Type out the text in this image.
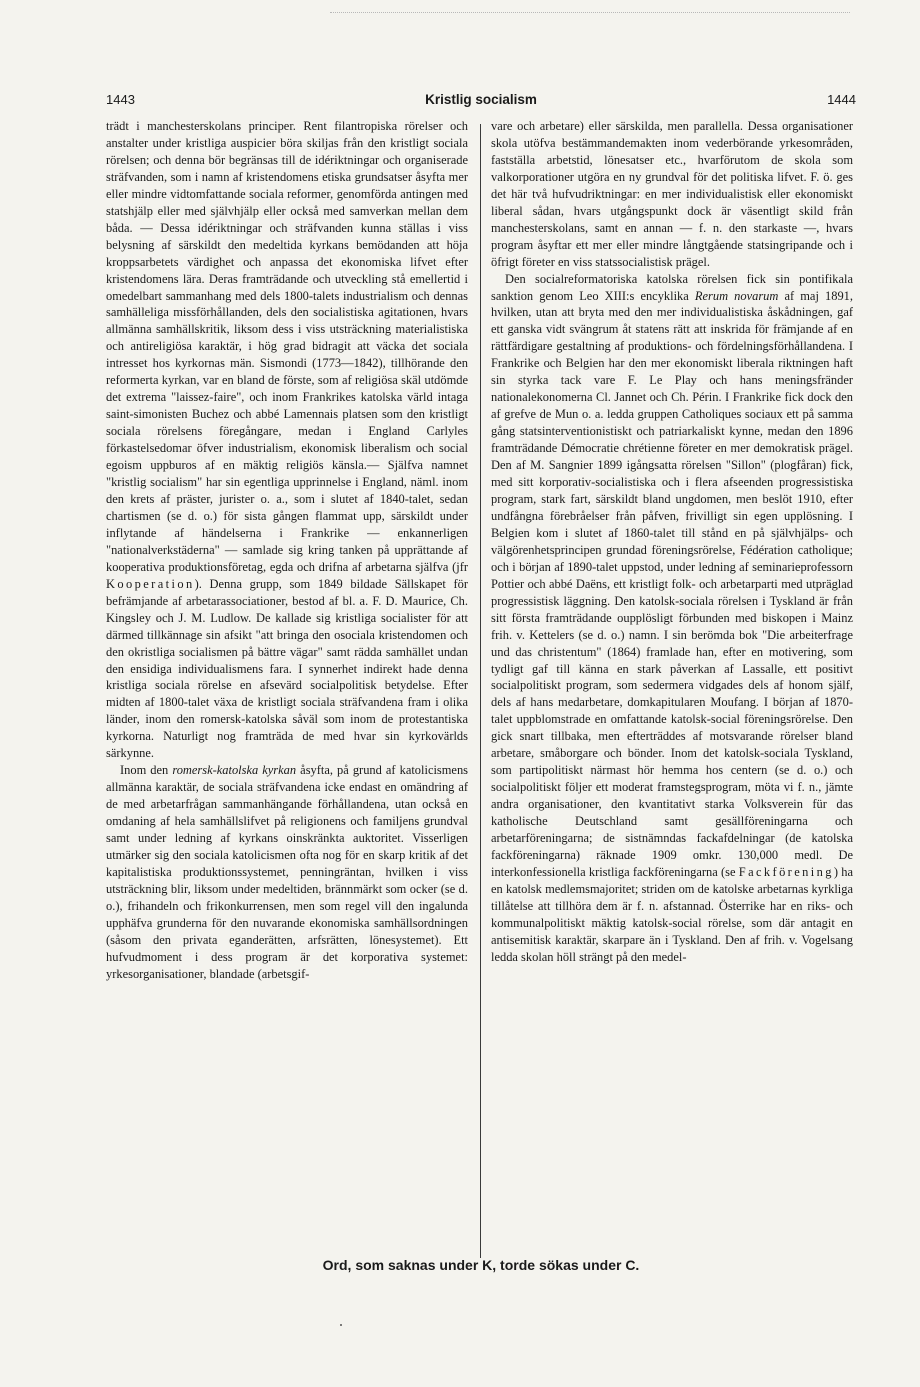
1443	Kristlig socialism	1444

trädt i manchesterskolans principer. Rent filantropiska rörelser och anstalter under kristliga auspicier böra skiljas från den kristligt sociala rörelsen; och denna bör begränsas till de idériktningar och organiserade sträfvanden, som i namn af kristendomens etiska grundsatser åsyfta mer eller mindre vidtomfattande sociala reformer, genomförda antingen med statshjälp eller med självhjälp eller också med samverkan mellan dem båda. — Dessa idériktningar och sträfvanden kunna ställas i viss belysning af särskildt den medeltida kyrkans bemödanden att höja kroppsarbetets värdighet och anpassa det ekonomiska lifvet efter kristendomens lära. Deras framträdande och utveckling stå emellertid i omedelbart sammanhang med dels 1800-talets industrialism och dennas samhälleliga missförhållanden, dels den socialistiska agitationen, hvars allmänna samhällskritik, liksom dess i viss utsträckning materialistiska och antireligiösa karaktär, i hög grad bidragit att väcka det sociala intresset hos kyrkornas män. Sismondi (1773—1842), tillhörande den reformerta kyrkan, var en bland de förste, som af religiösa skäl utdömde det extrema "laissez-faire", och inom Frankrikes katolska värld intaga saint-simonisten Buchez och abbé Lamennais platsen som den kristligt sociala rörelsens föregångare, medan i England Carlyles förkastelsedomar öfver industrialism, ekonomisk liberalism och social egoism uppburos af en mäktig religiös känsla.— Själfva namnet "kristlig socialism" har sin egentliga upprinnelse i England, näml. inom den krets af präster, jurister o. a., som i slutet af 1840-talet, sedan chartismen (se d. o.) för sista gången flammat upp, särskildt under inflytande af händelserna i Frankrike — enkannerligen "nationalverkstäderna" — samlade sig kring tanken på upprättande af kooperativa produktionsföretag, egda och drifna af arbetarna själfva (jfr Kooperation). Denna grupp, som 1849 bildade Sällskapet för befrämjande af arbetarassociationer, bestod af bl. a. F. D. Maurice, Ch. Kingsley och J. M. Ludlow. De kallade sig kristliga socialister för att därmed tillkännage sin afsikt "att bringa den osociala kristendomen och den okristliga socialismen på bättre vägar" samt rädda samhället undan den ensidiga individualismens fara. I synnerhet indirekt hade denna kristliga sociala rörelse en afsevärd socialpolitisk betydelse. Efter midten af 1800-talet växa de kristligt sociala sträfvandena fram i olika länder, inom den romersk-katolska såväl som inom de protestantiska kyrkorna. Naturligt nog framträda de med hvar sin kyrkovärlds särkynne.

Inom den romersk-katolska kyrkan åsyfta, på grund af katolicismens allmänna karaktär, de sociala sträfvandena icke endast en omändring af de med arbetarfrågan sammanhängande förhållandena, utan också en omdaning af hela samhällslifvet på religionens och familjens grundval samt under ledning af kyrkans oinskränkta auktoritet. Visserligen utmärker sig den sociala katolicismen ofta nog för en skarp kritik af det kapitalistiska produktionssystemet, penningräntan, hvilken i viss utsträckning blir, liksom under medeltiden, brännmärkt som ocker (se d. o.), frihandeln och frikonkurrensen, men som regel vill den ingalunda upphäfva grunderna för den nuvarande ekonomiska samhällsordningen (såsom den privata eganderätten, arfsrätten, lönesystemet). Ett hufvudmoment i dess program är det korporativa systemet: yrkesorganisationer, blandade (arbetsgif-

vare och arbetare) eller särskilda, men parallella. Dessa organisationer skola utöfva bestämmandemakten inom vederbörande yrkesområden, fastställa arbetstid, lönesatser etc., hvarförutom de skola som valkorporationer utgöra en ny grundval för det politiska lifvet. F. ö. ges det här två hufvudriktningar: en mer individualistisk eller ekonomiskt liberal sådan, hvars utgångspunkt dock är väsentligt skild från manchesterskolans, samt en annan — f. n. den starkaste —, hvars program åsyftar ett mer eller mindre långtgående statsingripande och i öfrigt företer en viss statssocialistisk prägel.

Den socialreformatoriska katolska rörelsen fick sin pontifikala sanktion genom Leo XIII:s encyklika Rerum novarum af maj 1891, hvilken, utan att bryta med den mer individualistiska åskådningen, gaf ett ganska vidt svängrum åt statens rätt att inskrida för främjande af en rättfärdigare gestaltning af produktions- och fördelningsförhållandena. I Frankrike och Belgien har den mer ekonomiskt liberala riktningen haft sin styrka tack vare F. Le Play och hans meningsfränder nationalekonomerna Cl. Jannet och Ch. Périn. I Frankrike fick dock den af grefve de Mun o. a. ledda gruppen Catholiques sociaux ett på samma gång statsinterventionistiskt och patriarkaliskt kynne, medan den 1896 framträdande Démocratie chrétienne företer en mer demokratisk prägel. Den af M. Sangnier 1899 igångsatta rörelsen "Sillon" (plogfåran) fick, med sitt korporativ-socialistiska och i flera afseenden progressistiska program, stark fart, särskildt bland ungdomen, men beslöt 1910, efter undfångna förebråelser från påfven, frivilligt sin egen upplösning. I Belgien kom i slutet af 1860-talet till stånd en på självhjälps- och välgörenhetsprincipen grundad föreningsrörelse, Fédération catholique; och i början af 1890-talet uppstod, under ledning af seminarieprofessorn Pottier och abbé Daëns, ett kristligt folk- och arbetarparti med utpräglad progressistisk läggning. Den katolsk-sociala rörelsen i Tyskland är från sitt första framträdande oupplösligt förbunden med biskopen i Mainz frih. v. Kettelers (se d. o.) namn. I sin berömda bok "Die arbeiterfrage und das christentum" (1864) framlade han, efter en motivering, som tydligt gaf till känna en stark påverkan af Lassalle, ett positivt socialpolitiskt program, som sedermera vidgades dels af honom själf, dels af hans medarbetare, domkapitularen Moufang. I början af 1870-talet uppblomstrade en omfattande katolsk-social föreningsrörelse. Den gick snart tillbaka, men efterträddes af motsvarande rörelser bland arbetare, småborgare och bönder. Inom det katolsk-sociala Tyskland, som partipolitiskt närmast hör hemma hos centern (se d. o.) och socialpolitiskt följer ett moderat framstegsprogram, möta vi f. n., jämte andra organisationer, den kvantitativt starka Volksverein für das katholische Deutschland samt gesällföreningarna och arbetarföreningarna; de sistnämndas fackafdelningar (de katolska fackföreningarna) räknade 1909 omkr. 130,000 medl. De interkonfessionella kristliga fackföreningarna (se Fackförening) ha en katolsk medlemsmajoritet; striden om de katolske arbetarnas kyrkliga tillåtelse att tillhöra dem är f. n. afstannad. Österrike har en riks- och kommunalpolitiskt mäktig katolsk-social rörelse, som där antagit en antisemitisk karaktär, skarpare än i Tyskland. Den af frih. v. Vogelsang ledda skolan höll strängt på den medel-

Ord, som saknas under K, torde sökas under C.
